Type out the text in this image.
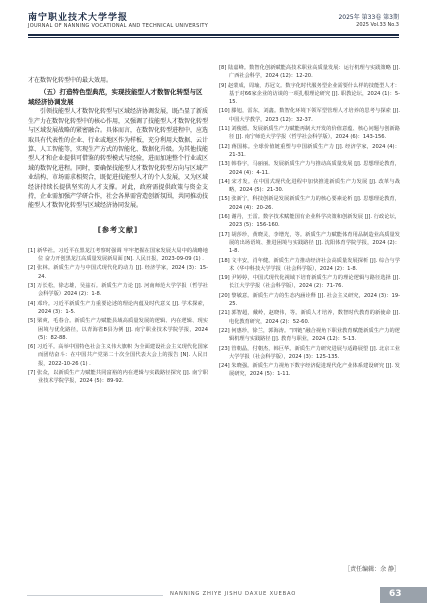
南宁职业技术大学学报
JOURNAL OF NANNING VOCATIONAL AND TECHNICAL UNIVERSITY
2025年 第33卷 第3期
2025 Vol.33 No.3

才在数智化转型中的最大效用。

（五）打造特色型典范，实现技能型人才数智化转型与区域经济协调发展

引领技能型人才数智化转型与区域经济协调发展，既凸显了新质生产力在数智化转型中的核心作用，又强调了技能型人才数智化转型与区域发展战略的紧密融合。具体而言，在数智化转型进程中，应选取具有代表性的企业、行业或地区作为样板，充分利用大数据、云计算、人工智能等，实现生产方式的智能化、数据化升级。为其他技能型人才和企业提供可借鉴的转型模式与经验，进而加速整个行业或区域的数智化进程。同时，要确保技能型人才数智化转型方向与区域产业结构、市场需求相契合，既促进技能型人才的个人发展，又为区域经济持续长提供坚实的人才支撑。对此，政府需提供政策与资金支持，企业需加强产学研合作，社会各界需营造创新氛围，共同推动技能型人才数智化转型与区域经济协同发展。

[参考文献]

[1] 新华社。习近平在黑龙江考察时强调 牢牢把握在国家发展大局中的战略地位 奋力开创黑龙江高质量发展新局面 [N]. 人民日报，2023-09-09 (1) .

[2] 张林。新质生产力与中国式现代化的动力 [J]. 经济学家，2024 (3)：15-24.

[3] 万长松，徐志雄，吴兹石。新质生产力论 [J]. 河南师范大学学报（哲学社会科学版）2024 (2)：1-8.

[4] 邓玲。习近平新质生产力重要论述的理论内蕴及时代意义 [J]. 学术探索，2024 (3)：1-5.

[5] 梁爽，毛春合。新质生产力赋能县域高质量发展的逻辑、内在逻辑、现实困境与优化路径，以青海省B县为例 [J]. 南宁职业技术学院学报，2024 (5)：82-88.

[6] 习近平。高举中国特色社会主义伟大旗帜 为全面建设社会主义现代化国家而团结奋斗：在中国共产党第二十次全国代表大会上的报告 [N]. 人民日报，2022-10-26 (1) .

[7] 张众，以新质生产力赋能共同富裕的内在逻辑与实践路径探究 [J]. 南宁职业技术学院学报，2024 (5)：89-92.

[8] 陆嘉峰。数智化创新赋能高技术职业高质量发展：运行机理与实践策略 [J]. 广西社会科学，2024 (12)：12-20.

[9] 赵蒙成，周瑜，苏冠文。数字化时代服务型企业需要什么样的技能型人才：基于对66家企业的访谈的一项扎根理论研究 [J]. 职教论坛，2024 (1)：5-15.

[10] 滕旭，雷东，刘鑫。数智化环境下领军型管理人才培养的思考与探索 [J]. 中国大学教学，2023 (12)：32-37.

[11] 刘俊德。发展新质生产力赋能再制大开发的价值意蕴、核心问题与创新路径 [J]. 南宁师范大学学报（哲学社会科学版），2024 (6)：143-156.

[12] 蒋国栋。全球价值链重塑与中国新质生产力 [J]. 经济学家，2024 (4)：21-31.

[13] 韩春宇，马丽丽。发展新质生产力与推动高质量发展 [J]. 思想理论教育，2024 (4)：4-11.

[14] 宋才发。在中国式现代化进程中加快推进新质生产力发展 [J]. 改革与战略，2024 (5)：21-30.

[15] 张新宁，科技创新是发展新质生产力的核心要素论析 [J]. 思想理论教育，2024 (4)：20-26.

[16] 谢丹，王雷。数字技术赋能国有企业科学决策和创新发展 [J]. 行政论坛，2023 (5)：156-160.

[17] 胡莎珍，黄晓灵，李增光，等。新质生产力赋能体育用品制造业高质量发展的出场语境、推进困境与实践路径 [J]. 沈阳体育学院学报，2024 (2)：1-8.

[18] 文丰安，肖年健。新质生产力推动经济社会高质量发展探析 [J]. 综合与学术（华中科技大学学报（社会科学版），2024 (2)：1-8.

[19] 尹婷婷，中国式现代化视域下培育新质生产力的理论逻辑与路径选择 [J]. 长江大学学报（社会科学版），2024 (2)：71-76.

[20] 黎敏意。新质生产力的生态内涵诠释 [J]. 社会主义研究，2024 (3)：19-25.

[21] 郭智超，戴岭，赵晓伟，等。新质人才培养，数智时代教育的新使命 [J]. 电化教育研究，2024 (2)：52-60.

[22] 何惠珍，徐兰，郭海涛。“四链”融合视角下职业教育赋能新质生产力的逻辑机理与实践路径 [J]. 教育与职业，2024 (12)：5-13.

[23] 管朝晶，付朝杰，韩巨华。新质生产力研究进展与适路展望 [J]. 北京工业大学学报（社会科学版），2024 (3)：125-135.

[24] 朱晓强。新质生产力视角下数字经济促进现代化产业体系建设研究 [J]. 发展研究，2024 (5)：1-11.

［责任编辑：余 静］
NANNING ZHIYE JISHU DAXUE XUEBAO	63
